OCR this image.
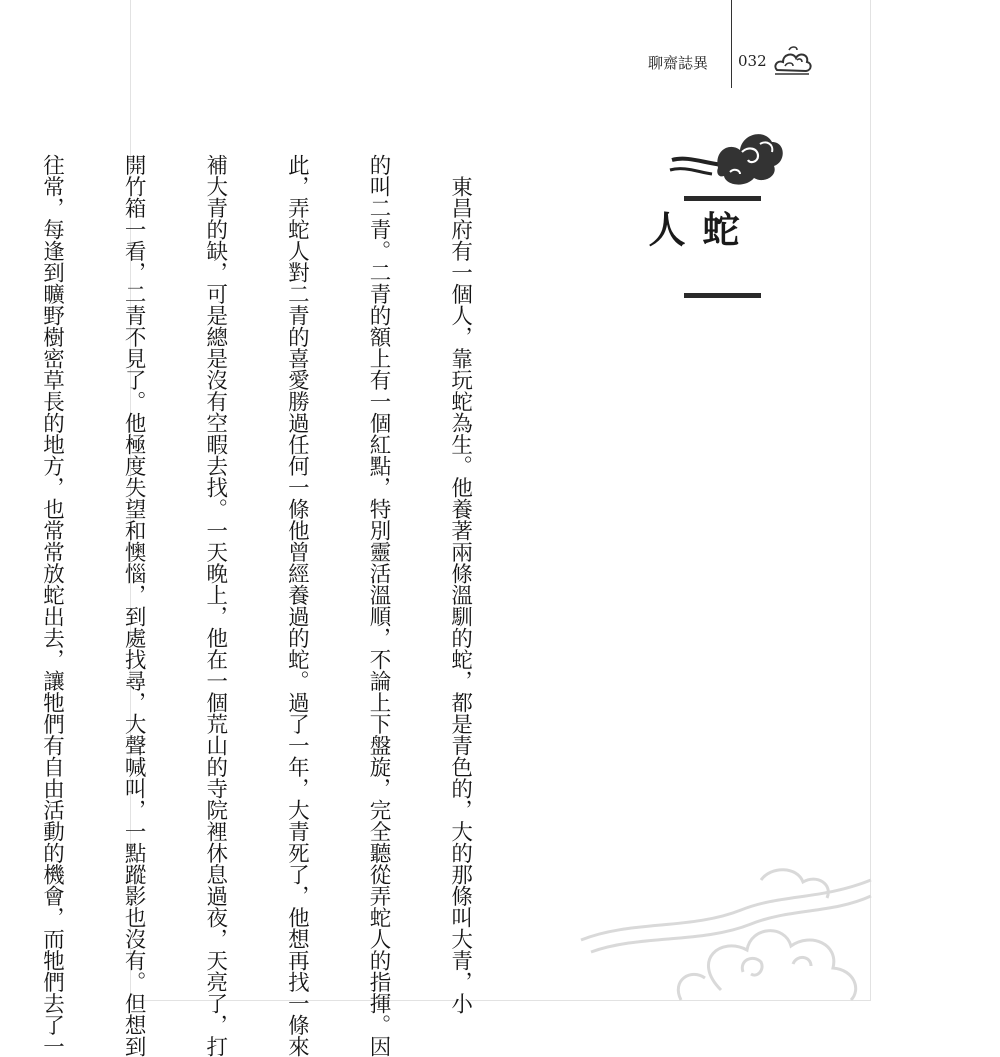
聊齋誌異 032
蛇人

　東昌府有一個人，靠玩蛇為生。他養著兩條溫馴的蛇，都是青色的，大的那條叫大青，小

的叫二青。二青的額上有一個紅點，特別靈活溫順，不論上下盤旋，完全聽從弄蛇人的指揮。因

此，弄蛇人對二青的喜愛勝過任何一條他曾經養過的蛇。過了一年，大青死了，他想再找一條來

補大青的缺，可是總是沒有空暇去找。一天晚上，他在一個荒山的寺院裡休息過夜，天亮了，打

開竹箱一看，二青不見了。他極度失望和懊惱，到處找尋，大聲喊叫，一點蹤影也沒有。但想到

往常，每逢到曠野樹密草長的地方，也常常放蛇出去，讓牠們有自由活動的機會，而牠們去了一
